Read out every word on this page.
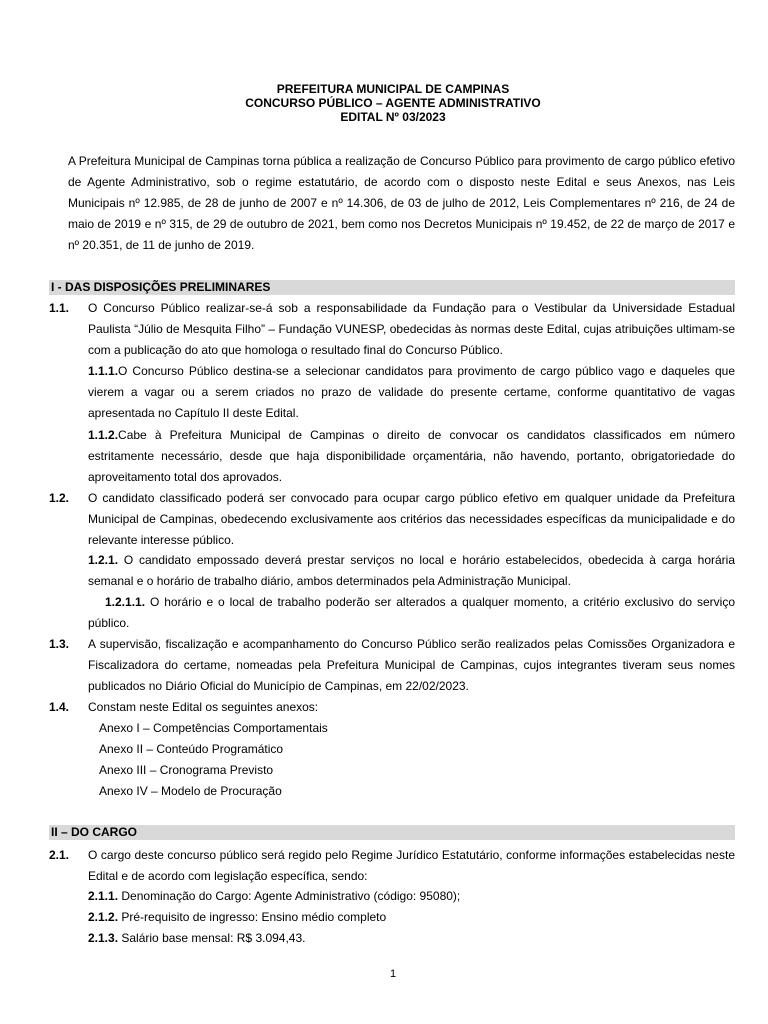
PREFEITURA MUNICIPAL DE CAMPINAS
CONCURSO PÚBLICO – AGENTE ADMINISTRATIVO
EDITAL Nº 03/2023
A Prefeitura Municipal de Campinas torna pública a realização de Concurso Público para provimento de cargo público efetivo de Agente Administrativo, sob o regime estatutário, de acordo com o disposto neste Edital e seus Anexos, nas Leis Municipais nº 12.985, de 28 de junho de 2007 e nº 14.306, de 03 de julho de 2012, Leis Complementares nº 216, de 24 de maio de 2019 e nº 315, de 29 de outubro de 2021, bem como nos Decretos Municipais nº 19.452, de 22 de março de 2017 e nº 20.351, de 11 de junho de 2019.
I - DAS DISPOSIÇÕES PRELIMINARES
1.1. O Concurso Público realizar-se-á sob a responsabilidade da Fundação para o Vestibular da Universidade Estadual Paulista “Júlio de Mesquita Filho” – Fundação VUNESP, obedecidas às normas deste Edital, cujas atribuições ultimam-se com a publicação do ato que homologa o resultado final do Concurso Público.
1.1.1.O Concurso Público destina-se a selecionar candidatos para provimento de cargo público vago e daqueles que vierem a vagar ou a serem criados no prazo de validade do presente certame, conforme quantitativo de vagas apresentada no Capítulo II deste Edital.
1.1.2.Cabe à Prefeitura Municipal de Campinas o direito de convocar os candidatos classificados em número estritamente necessário, desde que haja disponibilidade orçamentária, não havendo, portanto, obrigatoriedade do aproveitamento total dos aprovados.
1.2. O candidato classificado poderá ser convocado para ocupar cargo público efetivo em qualquer unidade da Prefeitura Municipal de Campinas, obedecendo exclusivamente aos critérios das necessidades específicas da municipalidade e do relevante interesse público.
1.2.1. O candidato empossado deverá prestar serviços no local e horário estabelecidos, obedecida à carga horária semanal e o horário de trabalho diário, ambos determinados pela Administração Municipal.
1.2.1.1. O horário e o local de trabalho poderão ser alterados a qualquer momento, a critério exclusivo do serviço público.
1.3. A supervisão, fiscalização e acompanhamento do Concurso Público serão realizados pelas Comissões Organizadora e Fiscalizadora do certame, nomeadas pela Prefeitura Municipal de Campinas, cujos integrantes tiveram seus nomes publicados no Diário Oficial do Município de Campinas, em 22/02/2023.
1.4. Constam neste Edital os seguintes anexos:
Anexo I – Competências Comportamentais
Anexo II – Conteúdo Programático
Anexo III – Cronograma Previsto
Anexo IV – Modelo de Procuração
II – DO CARGO
2.1. O cargo deste concurso público será regido pelo Regime Jurídico Estatutário, conforme informações estabelecidas neste Edital e de acordo com legislação específica, sendo:
2.1.1. Denominação do Cargo: Agente Administrativo (código: 95080);
2.1.2. Pré-requisito de ingresso: Ensino médio completo
2.1.3. Salário base mensal: R$ 3.094,43.
1
